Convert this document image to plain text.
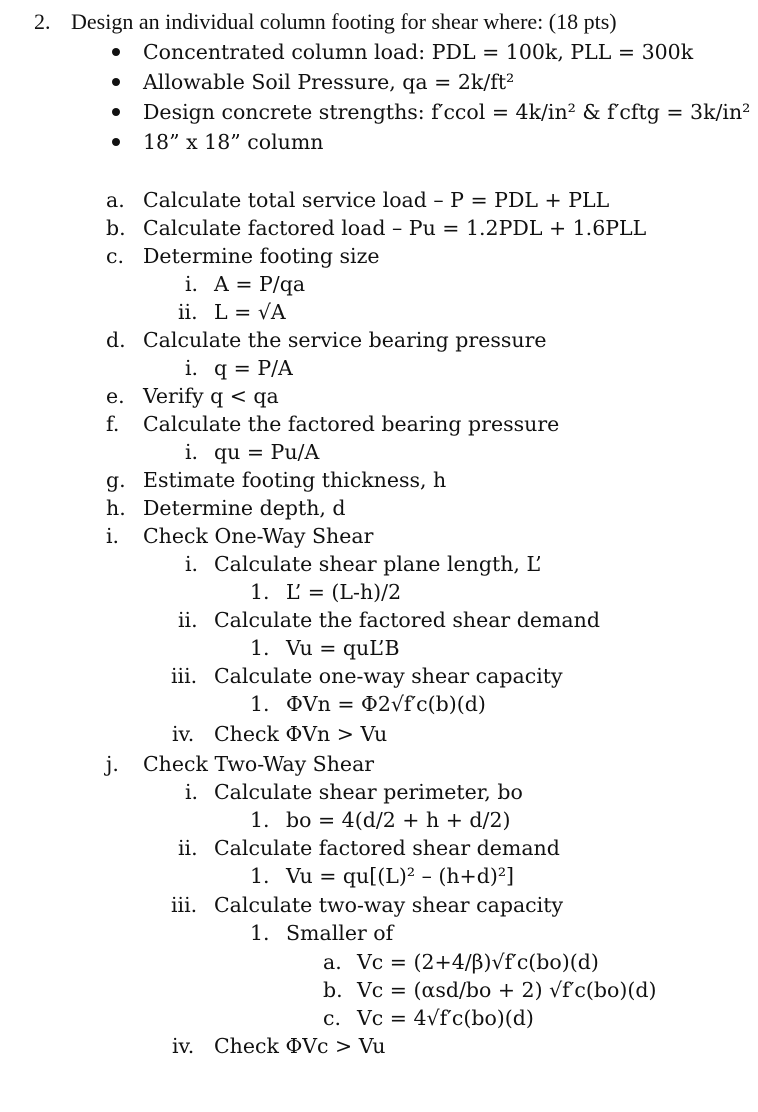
2. Design an individual column footing for shear where: (18 pts)
Concentrated column load: PDL = 100k, PLL = 300k
Allowable Soil Pressure, qa = 2k/ft²
Design concrete strengths: f′ccol = 4k/in² & f′cftg = 3k/in²
18” x 18” column
a. Calculate total service load – P = PDL + PLL
b. Calculate factored load – Pu = 1.2PDL + 1.6PLL
c. Determine footing size
i. A = P/qa
ii. L = √A
d. Calculate the service bearing pressure
i. q = P/A
e. Verify q < qa
f. Calculate the factored bearing pressure
i. qu = Pu/A
g. Estimate footing thickness, h
h. Determine depth, d
i. Check One-Way Shear
i. Calculate shear plane length, L’
1. L’ = (L-h)/2
ii. Calculate the factored shear demand
1. Vu = quL’B
iii. Calculate one-way shear capacity
1. ΦVn = Φ2√f′c(b)(d)
iv. Check ΦVn > Vu
j. Check Two-Way Shear
i. Calculate shear perimeter, bo
1. bo = 4(d/2 + h + d/2)
ii. Calculate factored shear demand
1. Vu = qu[(L)² – (h+d)²]
iii. Calculate two-way shear capacity
1. Smaller of
a. Vc = (2+4/β)√f′c(bo)(d)
b. Vc = (αsd/bo + 2) √f′c(bo)(d)
c. Vc = 4√f′c(bo)(d)
iv. Check ΦVc > Vu
